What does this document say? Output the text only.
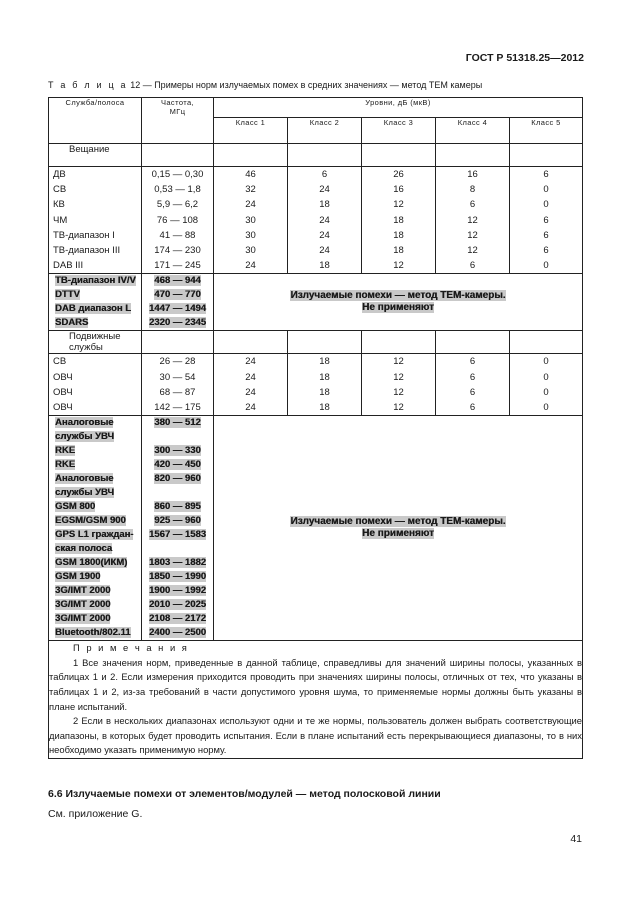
ГОСТ Р 51318.25—2012
Т а б л и ц а 12 — Примеры норм излучаемых помех в средних значениях — метод ТЕМ камеры
Служба/полоса	Частота, МГц	Уровни, дБ (мкВ)				
		Класс 1	Класс 2	Класс 3	Класс 4	Класс 5
Вещание						
ДВ	0,15 — 0,30	46	6	26	16	6
СВ	0,53 — 1,8	32	24	16	8	0
КВ	5,9 — 6,2	24	18	12	6	0
ЧМ	76 — 108	30	24	18	12	6
ТВ-диапазон I	41 — 88	30	24	18	12	6
ТВ-диапазон III	174 — 230	30	24	18	12	6
DAB III	171 — 245	24	18	12	6	0
ТВ-диапазон IV/V	468 — 944	Излучаемые помехи — метод ТЕМ-камеры.
Не применяют				
DTTV	470 — 770					
DAB диапазон L	1447 — 1494					
SDARS	2320 — 2345					
Подвижные службы						
СВ	26 — 28	24	18	12	6	0
ОВЧ	30 — 54	24	18	12	6	0
ОВЧ	68 — 87	24	18	12	6	0
ОВЧ	142 — 175	24	18	12	6	0
Аналоговые
службы УВЧ	380 — 512	Излучаемые помехи — метод ТЕМ-камеры.
Не применяют				
RKE	300 — 330					
RKE	420 — 450					
Аналоговые
службы УВЧ	820 — 960					
GSM 800	860 — 895					
EGSM/GSM 900	925 — 960					
GPS L1 граждан-
ская полоса	1567 — 1583					
GSM 1800(ИКМ)	1803 — 1882					
GSM 1900	1850 — 1990					
3G/IMT 2000	1900 — 1992					
3G/IMT 2000	2010 — 2025					
3G/IMT 2000	2108 — 2172					
Bluetooth/802.11	2400 — 2500					

П р и м е ч а н и я

1 Все значения норм, приведенные в данной таблице, справедливы для значений ширины полосы, указанных в таблицах 1 и 2. Если измерения приходится проводить при значениях ширины полосы, отличных от тех, что указаны в таблицах 1 и 2, из-за требований в части допустимого уровня шума, то применяемые нормы должны быть указаны в плане испытаний.

2 Если в нескольких диапазонах используют одни и те же нормы, пользователь должен выбрать соответствующие диапазоны, в которых будет проводить испытания. Если в плане испытаний есть перекрывающиеся диапазоны, то в них необходимо указать применимую норму.						

6.6 Излучаемые помехи от элементов/модулей — метод полосковой линии
См. приложение G.
41
